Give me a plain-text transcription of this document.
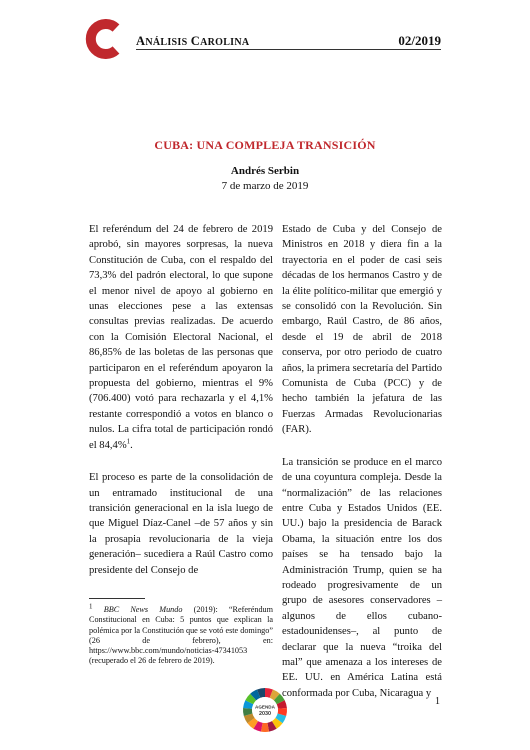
ANÁLISIS CAROLINA	02/2019
CUBA: UNA COMPLEJA TRANSICIÓN
Andrés Serbin
7 de marzo de 2019

El referéndum del 24 de febrero de 2019 aprobó, sin mayores sorpresas, la nueva Constitución de Cuba, con el respaldo del 73,3% del padrón electoral, lo que supone el menor nivel de apoyo al gobierno en unas elecciones pese a las extensas consultas previas realizadas. De acuerdo con la Comisión Electoral Nacional, el 86,85% de las boletas de las personas que participaron en el referéndum apoyaron la propuesta del gobierno, mientras el 9% (706.400) votó para rechazarla y el 4,1% restante correspondió a votos en blanco o nulos. La cifra total de participación rondó el 84,4%$^1$.

El proceso es parte de la consolidación de un entramado institucional de una transición generacional en la isla luego de que Miguel Díaz-Canel –de 57 años y sin la prosapia revolucionaria de la vieja generación– sucediera a Raúl Castro como presidente del Consejo de

Estado de Cuba y del Consejo de Ministros en 2018 y diera fin a la trayectoria en el poder de casi seis décadas de los hermanos Castro y de la élite político-militar que emergió y se consolidó con la Revolución. Sin embargo, Raúl Castro, de 86 años, desde el 19 de abril de 2018 conserva, por otro periodo de cuatro años, la primera secretaría del Partido Comunista de Cuba (PCC) y de hecho también la jefatura de las Fuerzas Armadas Revolucionarias (FAR).

La transición se produce en el marco de una coyuntura compleja. Desde la “normalización” de las relaciones entre Cuba y Estados Unidos (EE. UU.) bajo la presidencia de Barack Obama, la situación entre los dos países se ha tensado bajo la Administración Trump, quien se ha rodeado progresivamente de un grupo de asesores conservadores –algunos de ellos cubano-estadounidenses–, al punto de declarar que la nueva “troika del mal” que amenaza a los intereses de EE. UU. en América Latina está conformada por Cuba, Nicaragua y

$^1$ BBC News Mundo (2019): “Referéndum Constitucional en Cuba: 5 puntos que explican la polémica por la Constitución que se votó este domingo” (26 de febrero), en: https://www.bbc.com/mundo/noticias-47341053 (recuperado el 26 de febrero de 2019).
AGENDA
2030
1
